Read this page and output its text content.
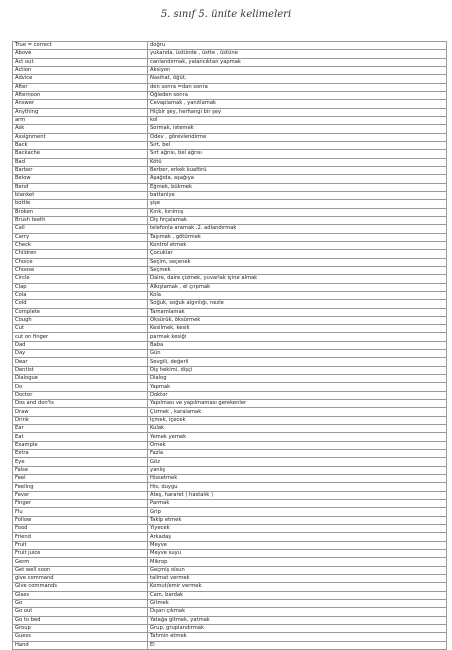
5. sınıf 5. ünite kelimeleri
True = correct	doğru
Above	yukarıda, üstünde , üstte , üstüne
Act out	canlandırmak, yalancıktan yapmak
Action	Aksiyon
Advice	Nasihat, öğüt,
After	den sonra =dan sonra
Afternoon	Öğleden sonra
Answer	Cevaplamak , yanıtlamak
Anything	Hiçbir şey, herhangi bir şey
arm	kol
Ask	Sormak, istemek
Assignment	Ödev , görevlendirme
Back	Sırt, bel
Backache	Sırt ağrısı, bel ağrısı
Bad	Kötü
Barber	Berber, erkek kuaförü
Below	Aşağıda, aşağıya
Bend	Eğmek, bükmek
blanket	battaniye
bottle	şişe
Broken	Kırık, kırılmış
Brush teeth	Diş fırçalamak
Call	telefonla aramak ,2. adlandırmak
Carry	Taşımak , götürmek
Check	Kontrol etmek
Children	Çocuklar
Choice	Seçim, seçenek
Choose	Seçmek
Circle	Daire, daire çizmek, yuvarlak içine almak
Clap	Alkışlamak , el çırpmak
Cola	Kola
Cold	Soğuk, soğuk algınlığı, nezle
Complete	Tamamlamak
Cough	Öksürük, öksürmek
Cut	Kesilmek, kesik
cut on finger	parmak kesiği
Dad	Baba
Day	Gün
Dear	Sevgili, değerli
Dentist	Diş hekimi, dişçi
Dialogue	Dialog
Do	Yapmak
Doctor	Doktor
Dos and don'ts	Yapılması ve yapılmaması gerekenler
Draw	Çizmek , karalamak
Drink	İçmek, içecek
Ear	Kulak
Eat	Yemek yemek
Example	Örnek
Extra	Fazla
Eye	Göz
False	yanlış
Feel	Hissetmek
Feeling	His, duygu
Fever	Ateş, hararet ( hastalık )
Finger	Parmak
Flu	Grip
Follow	Takip etmek
Food	Yiyecek
Friend	Arkadaş
Fruit	Meyve
Fruit juice	Meyve suyu
Germ	Mikrop
Get well soon	Geçmiş olsun
give command	talimat vermek
Give commands	Komut/emir vermek
Glass	Cam, bardak
Go	Gitmek
Go out	Dışarı çıkmak
Go to bed	Yatağa gitmek, yatmak
Group	Grup, gruplandırmak
Guess	Tahmin etmek
Hand	El
